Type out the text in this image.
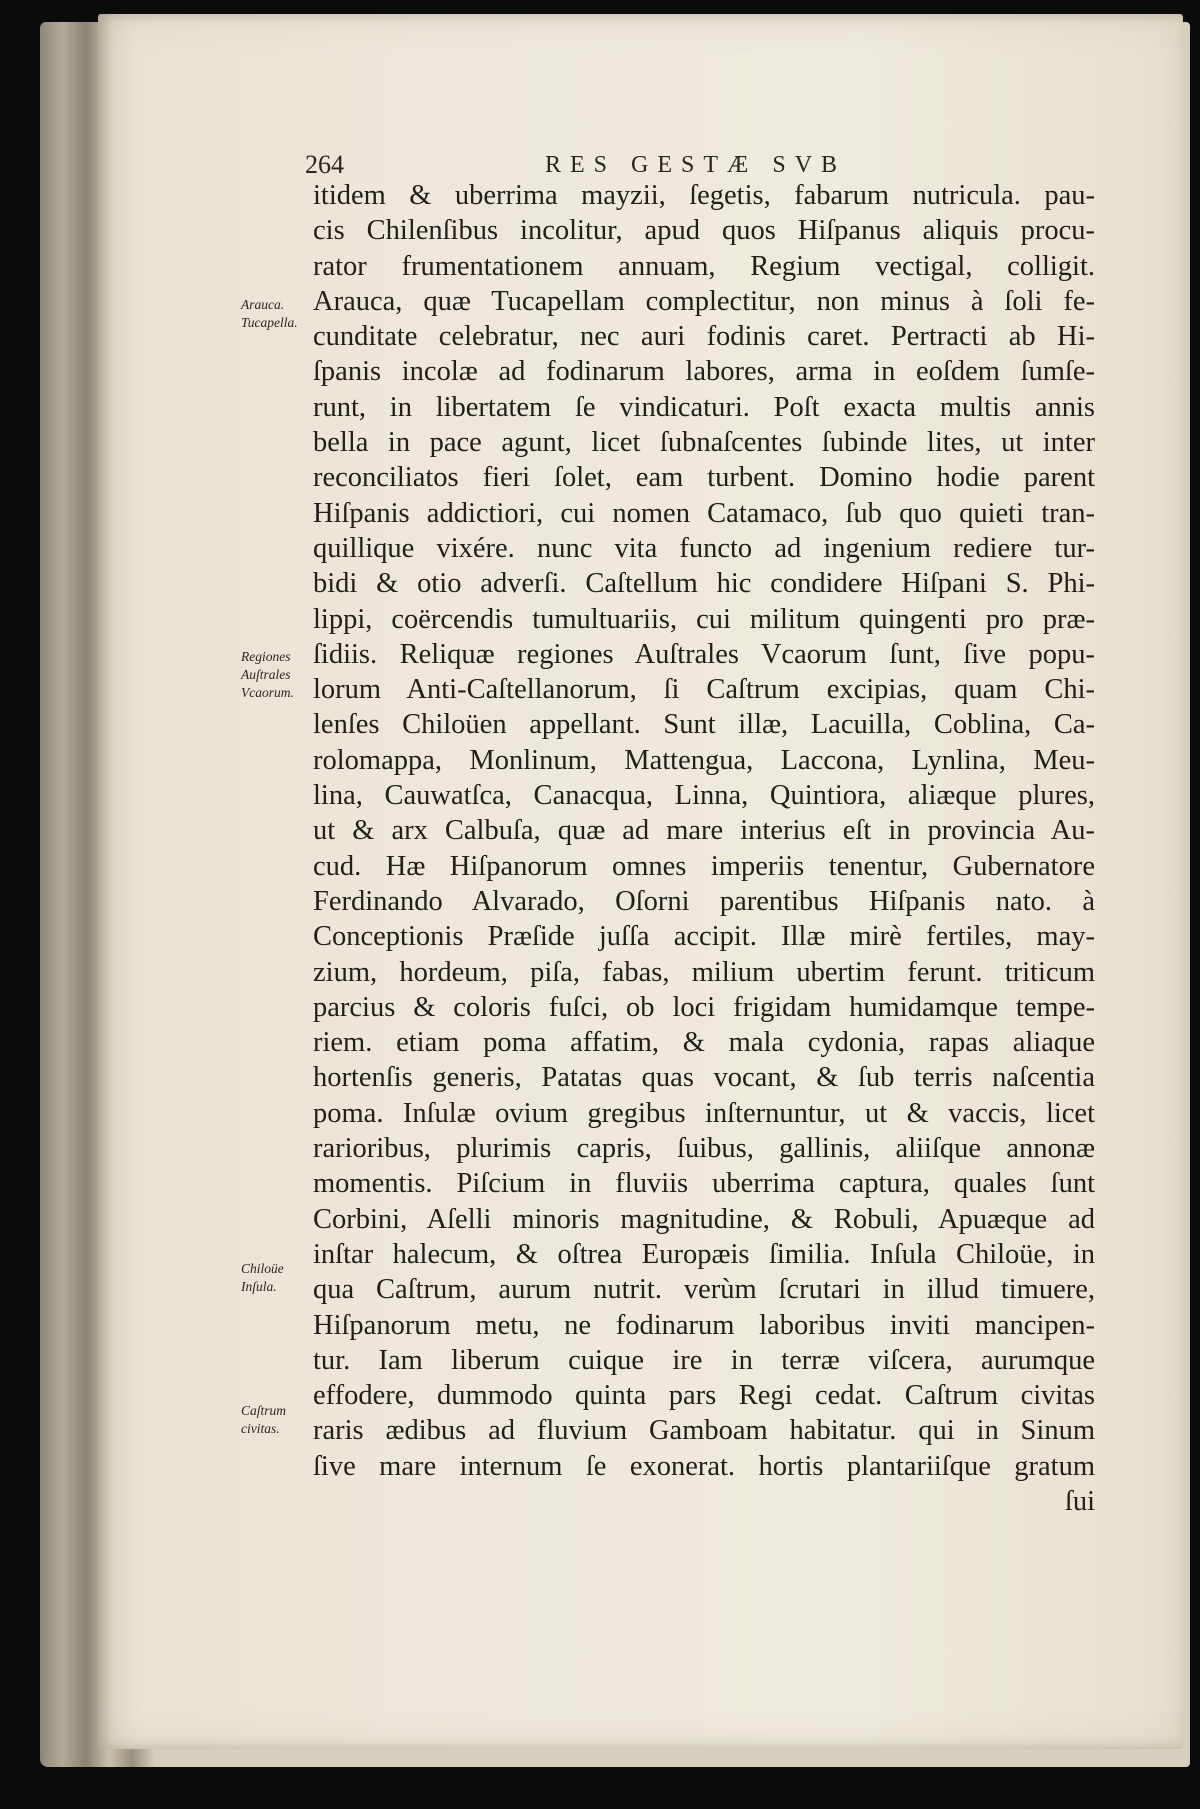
264	RES GESTÆ SVB
Arauca.
Tucapella.
Regiones
Auſtrales
Vcaorum.
Chiloüe
Inſula.
Caſtrum
civitas.
itidem & uberrima mayzii, ſegetis, fabarum nutricula. pau-
cis Chilenſibus incolitur, apud quos Hiſpanus aliquis procu-
rator frumentationem annuam, Regium vectigal, colligit.
Arauca, quæ Tucapellam complectitur, non minus à ſoli fe-
cunditate celebratur, nec auri fodinis caret. Pertracti ab Hi-
ſpanis incolæ ad fodinarum labores, arma in eoſdem ſumſe-
runt, in libertatem ſe vindicaturi. Poſt exacta multis annis
bella in pace agunt, licet ſubnaſcentes ſubinde lites, ut inter
reconciliatos fieri ſolet, eam turbent. Domino hodie parent
Hiſpanis addictiori, cui nomen Catamaco, ſub quo quieti tran-
quillique vixére. nunc vita functo ad ingenium rediere tur-
bidi & otio adverſi. Caſtellum hic condidere Hiſpani S. Phi-
lippi, coërcendis tumultuariis, cui militum quingenti pro præ-
ſidiis. Reliquæ regiones Auſtrales Vcaorum ſunt, ſive popu-
lorum Anti-Caſtellanorum, ſi Caſtrum excipias, quam Chi-
lenſes Chiloüen appellant. Sunt illæ, Lacuilla, Coblina, Ca-
rolomappa, Monlinum, Mattengua, Laccona, Lynlina, Meu-
lina, Cauwatſca, Canacqua, Linna, Quintiora, aliæque plures,
ut & arx Calbuſa, quæ ad mare interius eſt in provincia Au-
cud. Hæ Hiſpanorum omnes imperiis tenentur, Gubernatore
Ferdinando Alvarado, Oſorni parentibus Hiſpanis nato. à
Conceptionis Præſide juſſa accipit. Illæ mirè fertiles, may-
zium, hordeum, piſa, fabas, milium ubertim ferunt. triticum
parcius & coloris fuſci, ob loci frigidam humidamque tempe-
riem. etiam poma affatim, & mala cydonia, rapas aliaque
hortenſis generis, Patatas quas vocant, & ſub terris naſcentia
poma. Inſulæ ovium gregibus inſternuntur, ut & vaccis, licet
rarioribus, plurimis capris, ſuibus, gallinis, aliiſque annonæ
momentis. Piſcium in fluviis uberrima captura, quales ſunt
Corbini, Aſelli minoris magnitudine, & Robuli, Apuæque ad
inſtar halecum, & oſtrea Europæis ſimilia. Inſula Chiloüe, in
qua Caſtrum, aurum nutrit. verùm ſcrutari in illud timuere,
Hiſpanorum metu, ne fodinarum laboribus inviti mancipen-
tur. Iam liberum cuique ire in terræ viſcera, aurumque
effodere, dummodo quinta pars Regi cedat. Caſtrum civitas
raris ædibus ad fluvium Gamboam habitatur. qui in Sinum
ſive mare internum ſe exonerat. hortis plantariiſque gratum
ſui
